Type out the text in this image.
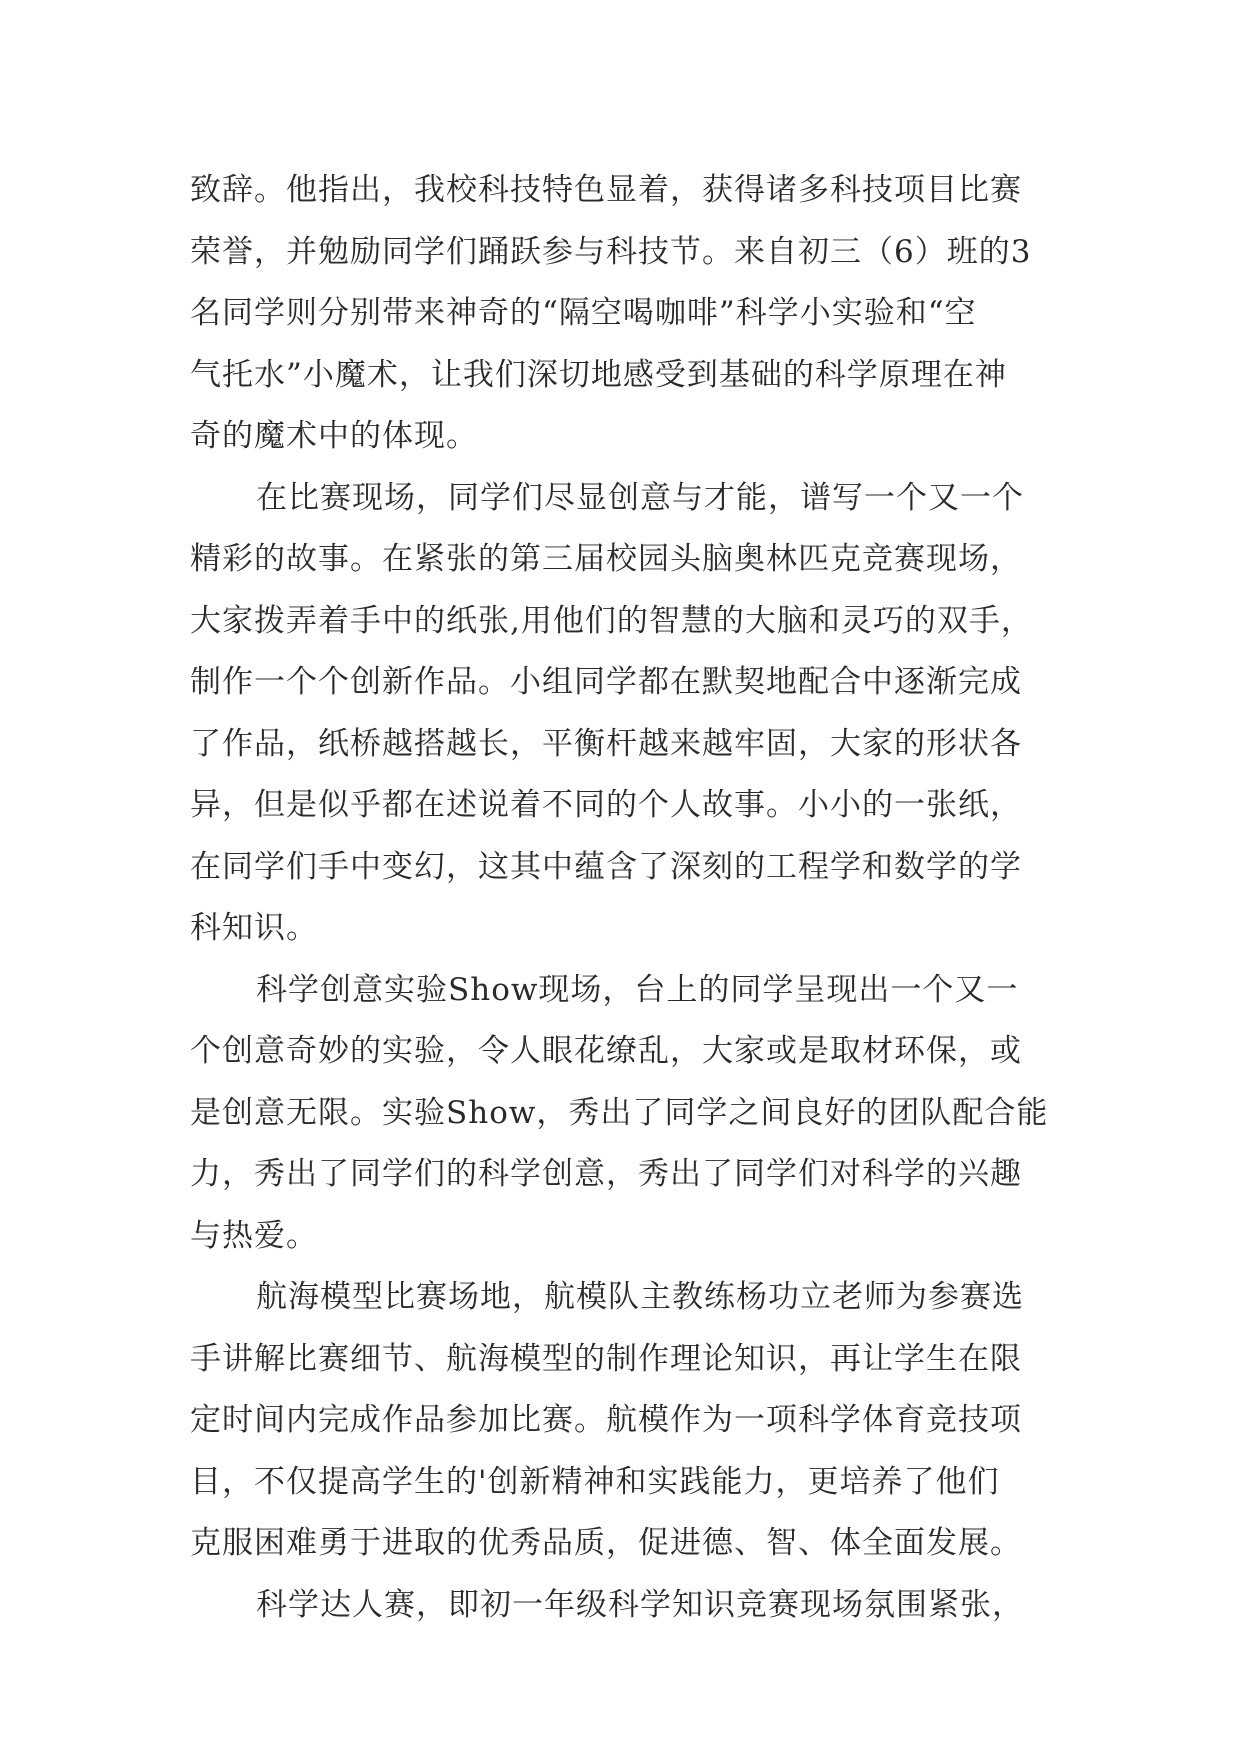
致辞。他指出，我校科技特色显着，获得诸多科技项目比赛
荣誉，并勉励同学们踊跃参与科技节。来自初三（6）班的3
名同学则分别带来神奇的“隔空喝咖啡”科学小实验和“空
气托水”小魔术，让我们深切地感受到基础的科学原理在神
奇的魔术中的体现。
在比赛现场，同学们尽显创意与才能，谱写一个又一个
精彩的故事。在紧张的第三届校园头脑奥林匹克竞赛现场，
大家拨弄着手中的纸张,用他们的智慧的大脑和灵巧的双手，
制作一个个创新作品。小组同学都在默契地配合中逐渐完成
了作品，纸桥越搭越长，平衡杆越来越牢固，大家的形状各
异，但是似乎都在述说着不同的个人故事。小小的一张纸，
在同学们手中变幻，这其中蕴含了深刻的工程学和数学的学
科知识。
科学创意实验Show现场，台上的同学呈现出一个又一
个创意奇妙的实验，令人眼花缭乱，大家或是取材环保，或
是创意无限。实验Show，秀出了同学之间良好的团队配合能
力，秀出了同学们的科学创意，秀出了同学们对科学的兴趣
与热爱。
航海模型比赛场地，航模队主教练杨功立老师为参赛选
手讲解比赛细节、航海模型的制作理论知识，再让学生在限
定时间内完成作品参加比赛。航模作为一项科学体育竞技项
目，不仅提高学生的'创新精神和实践能力，更培养了他们
克服困难勇于进取的优秀品质，促进德、智、体全面发展。
科学达人赛，即初一年级科学知识竞赛现场氛围紧张，
